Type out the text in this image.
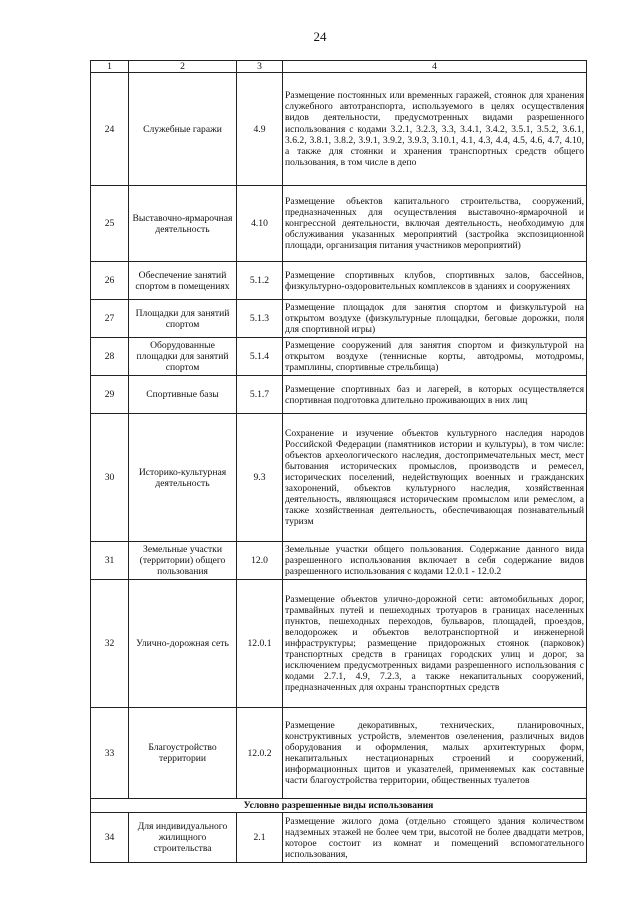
24
1	2	3	4
24	Служебные гаражи	4.9	Размещение постоянных или временных гаражей, стоянок для хранения служебного автотранспорта, используемого в целях осуществления видов деятельности, предусмотренных видами разрешенного использования с кодами 3.2.1, 3.2.3, 3.3, 3.4.1, 3.4.2, 3.5.1, 3.5.2, 3.6.1, 3.6.2, 3.8.1, 3.8.2, 3.9.1, 3.9.2, 3.9.3, 3.10.1, 4.1, 4.3, 4.4, 4.5, 4.6, 4.7, 4.10, а также для стоянки и хранения транспортных средств общего пользования, в том числе в депо
25	Выставочно-ярмарочная деятельность	4.10	Размещение объектов капитального строительства, сооружений, предназначенных для осуществления выставочно-ярмарочной и конгрессной деятельности, включая деятельность, необходимую для обслуживания указанных мероприятий (застройка экспозиционной площади, организация питания участников мероприятий)
26	Обеспечение занятий спортом в помещениях	5.1.2	Размещение спортивных клубов, спортивных залов, бассейнов, физкультурно-оздоровительных комплексов в зданиях и сооружениях
27	Площадки для занятий спортом	5.1.3	Размещение площадок для занятия спортом и физкультурой на открытом воздухе (физкультурные площадки, беговые дорожки, поля для спортивной игры)
28	Оборудованные площадки для занятий спортом	5.1.4	Размещение сооружений для занятия спортом и физкультурой на открытом воздухе (теннисные корты, автодромы, мотодромы, трамплины, спортивные стрельбища)
29	Спортивные базы	5.1.7	Размещение спортивных баз и лагерей, в которых осуществляется спортивная подготовка длительно проживающих в них лиц
30	Историко-культурная деятельность	9.3	Сохранение и изучение объектов культурного наследия народов Российской Федерации (памятников истории и культуры), в том числе: объектов археологического наследия, достопримечательных мест, мест бытования исторических промыслов, производств и ремесел, исторических поселений, недействующих военных и гражданских захоронений, объектов культурного наследия, хозяйственная деятельность, являющаяся историческим промыслом или ремеслом, а также хозяйственная деятельность, обеспечивающая познавательный туризм
31	Земельные участки (территории) общего пользования	12.0	Земельные участки общего пользования. Содержание данного вида разрешенного использования включает в себя содержание видов разрешенного использования с кодами 12.0.1 - 12.0.2
32	Улично-дорожная сеть	12.0.1	Размещение объектов улично-дорожной сети: автомобильных дорог, трамвайных путей и пешеходных тротуаров в границах населенных пунктов, пешеходных переходов, бульваров, площадей, проездов, велодорожек и объектов велотранспортной и инженерной инфраструктуры; размещение придорожных стоянок (парковок) транспортных средств в границах городских улиц и дорог, за исключением предусмотренных видами разрешенного использования с кодами 2.7.1, 4.9, 7.2.3, а также некапитальных сооружений, предназначенных для охраны транспортных средств
33	Благоустройство территории	12.0.2	Размещение декоративных, технических, планировочных, конструктивных устройств, элементов озеленения, различных видов оборудования и оформления, малых архитектурных форм, некапитальных нестационарных строений и сооружений, информационных щитов и указателей, применяемых как составные части благоустройства территории, общественных туалетов
Условно разрешенные виды использования			
34	Для индивидуального жилищного строительства	2.1	Размещение жилого дома (отдельно стоящего здания количеством надземных этажей не более чем три, высотой не более двадцати метров, которое состоит из комнат и помещений вспомогательного использования,
